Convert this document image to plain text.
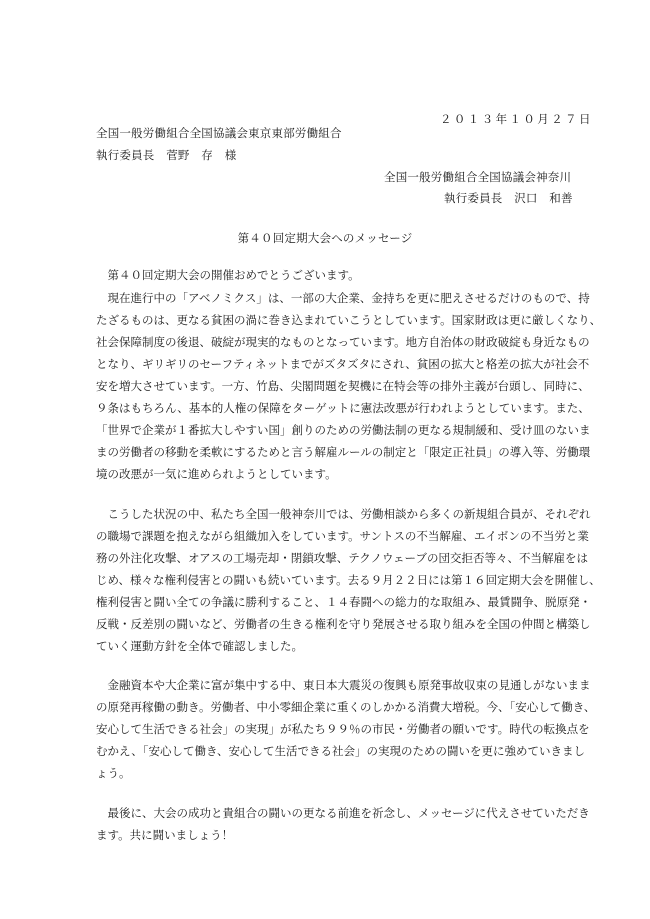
２０１３年１０月２７日
全国一般労働組合全国協議会東京東部労働組合
執行委員長　菅野　存　様
全国一般労働組合全国協議会神奈川
執行委員長　沢口　和善
第４０回定期大会へのメッセージ
　第４０回定期大会の開催おめでとうございます。
　現在進行中の「アベノミクス」は、一部の大企業、金持ちを更に肥えさせるだけのもので、持
たざるものは、更なる貧困の渦に巻き込まれていこうとしています。国家財政は更に厳しくなり、
社会保障制度の後退、破綻が現実的なものとなっています。地方自治体の財政破綻も身近なもの
となり、ギリギリのセーフティネットまでがズタズタにされ、貧困の拡大と格差の拡大が社会不
安を増大させています。一方、竹島、尖閣問題を契機に在特会等の排外主義が台頭し、同時に、
９条はもちろん、基本的人権の保障をターゲットに憲法改悪が行われようとしています。また、
「世界で企業が１番拡大しやすい国」創りのための労働法制の更なる規制緩和、受け皿のないま
まの労働者の移動を柔軟にするためと言う解雇ルールの制定と「限定正社員」の導入等、労働環
境の改悪が一気に進められようとしています。
　こうした状況の中、私たち全国一般神奈川では、労働相談から多くの新規組合員が、それぞれ
の職場で課題を抱えながら組織加入をしています。サントスの不当解雇、エイボンの不当労と業
務の外注化攻撃、オアスの工場売却・閉鎖攻撃、テクノウェーブの団交拒否等々、不当解雇をは
じめ、様々な権利侵害との闘いも続いています。去る９月２２日には第１６回定期大会を開催し、
権利侵害と闘い全ての争議に勝利すること、１４春闘への総力的な取組み、最賃闘争、脱原発・
反戦・反差別の闘いなど、労働者の生きる権利を守り発展させる取り組みを全国の仲間と構築し
ていく運動方針を全体で確認しました。
　金融資本や大企業に富が集中する中、東日本大震災の復興も原発事故収束の見通しがないまま
の原発再稼働の動き。労働者、中小零細企業に重くのしかかる消費大増税。今、「安心して働き、
安心して生活できる社会」の実現」が私たち９９％の市民・労働者の願いです。時代の転換点を
むかえ、「安心して働き、安心して生活できる社会」の実現のための闘いを更に強めていきまし
ょう。
　最後に、大会の成功と貴組合の闘いの更なる前進を祈念し、メッセージに代えさせていただき
ます。共に闘いましょう！
